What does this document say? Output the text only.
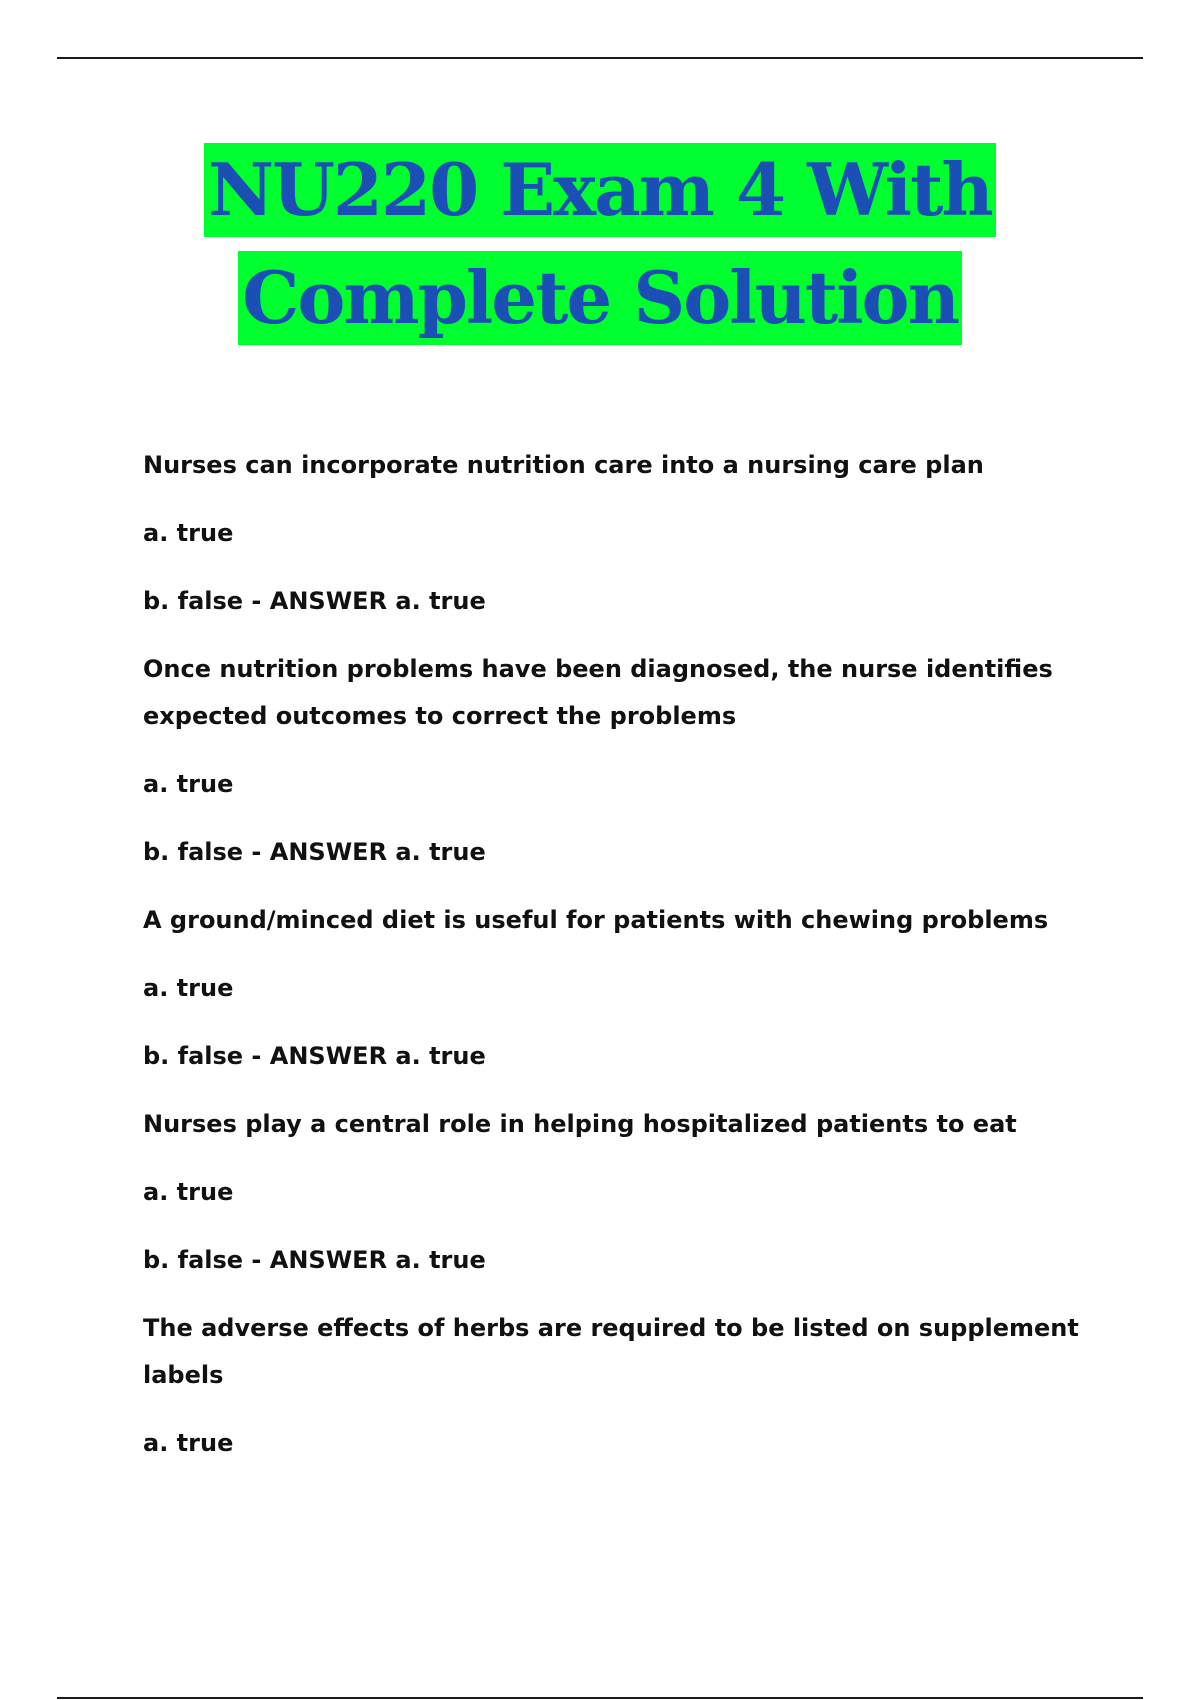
NU220 Exam 4 With
Complete Solution

Nurses can incorporate nutrition care into a nursing care plan

a. true

b. false - ANSWER a. true

Once nutrition problems have been diagnosed, the nurse identifies expected outcomes to correct the problems

a. true

b. false - ANSWER a. true

A ground/minced diet is useful for patients with chewing problems

a. true

b. false - ANSWER a. true

Nurses play a central role in helping hospitalized patients to eat

a. true

b. false - ANSWER a. true

The adverse effects of herbs are required to be listed on supplement labels

a. true
